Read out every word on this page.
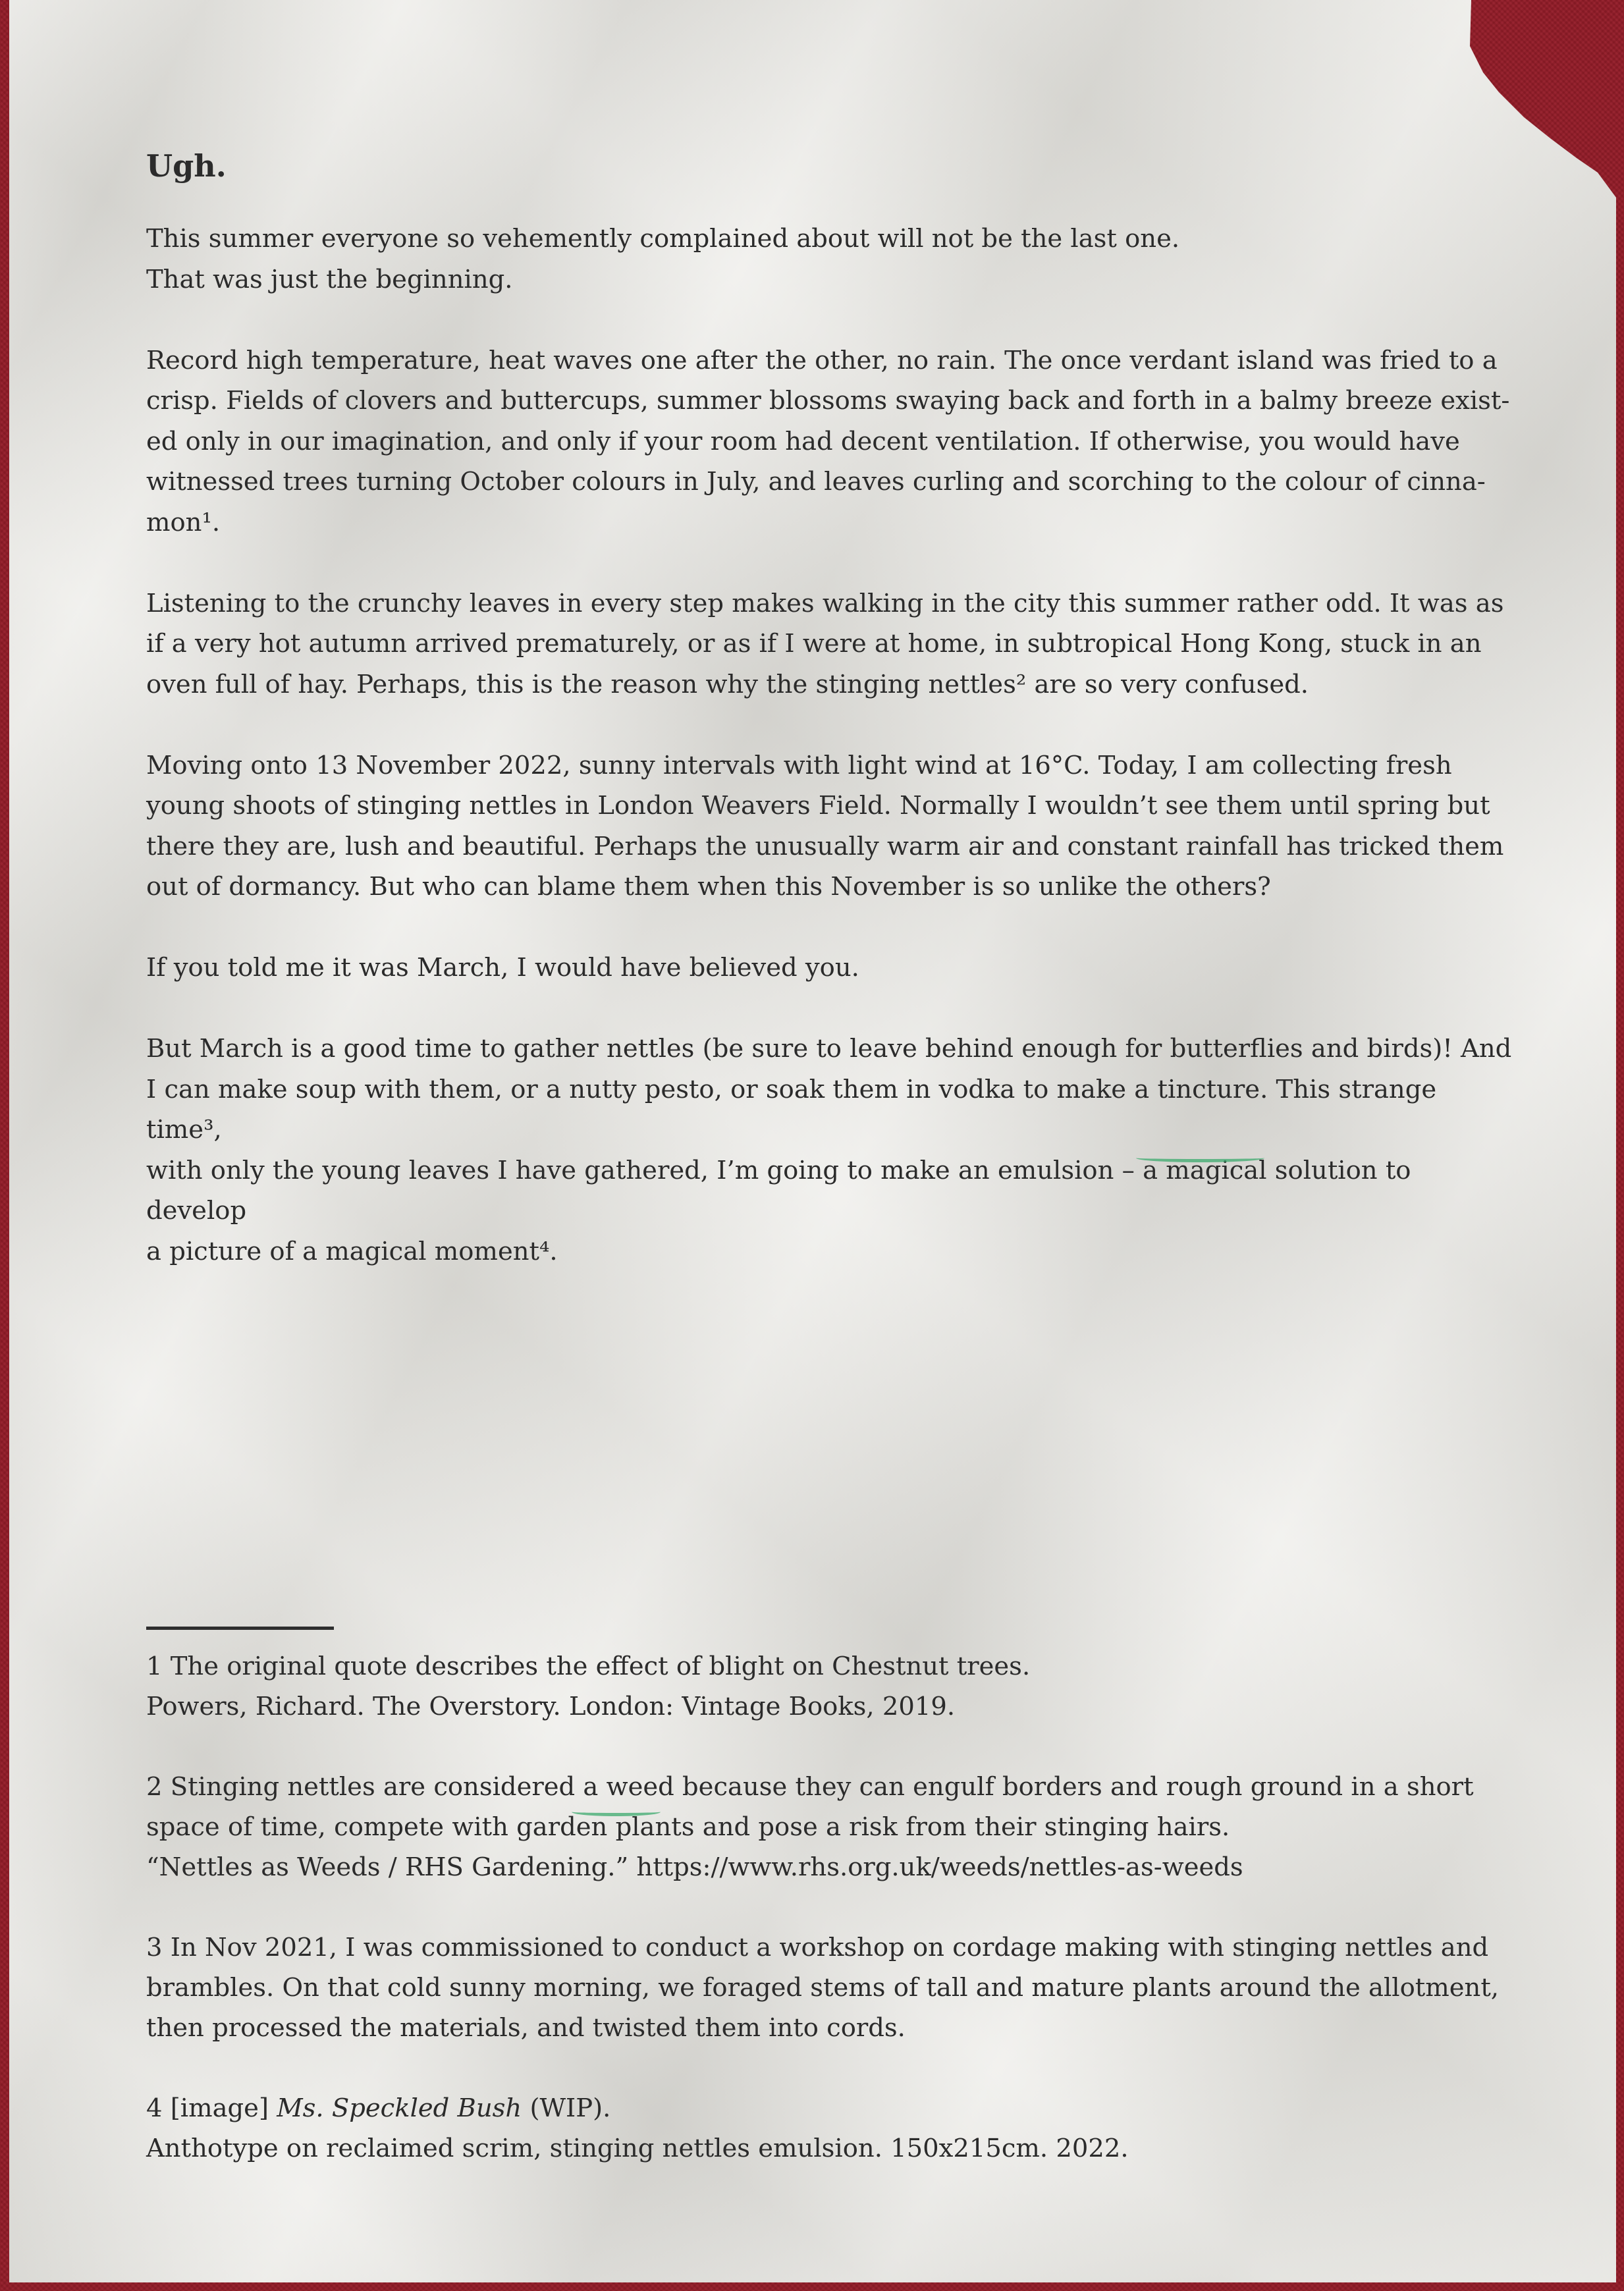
Ugh.

This summer everyone so vehemently complained about will not be the last one.
That was just the beginning.

Record high temperature, heat waves one after the other, no rain. The once verdant island was fried to a
crisp. Fields of clovers and buttercups, summer blossoms swaying back and forth in a balmy breeze exist-
ed only in our imagination, and only if your room had decent ventilation. If otherwise, you would have
witnessed trees turning October colours in July, and leaves curling and scorching to the colour of cinna-
mon¹.

Listening to the crunchy leaves in every step makes walking in the city this summer rather odd. It was as
if a very hot autumn arrived prematurely, or as if I were at home, in subtropical Hong Kong, stuck in an
oven full of hay. Perhaps, this is the reason why the stinging nettles² are so very confused.

Moving onto 13 November 2022, sunny intervals with light wind at 16°C. Today, I am collecting fresh
young shoots of stinging nettles in London Weavers Field. Normally I wouldn’t see them until spring but
there they are, lush and beautiful. Perhaps the unusually warm air and constant rainfall has tricked them
out of dormancy. But who can blame them when this November is so unlike the others?

If you told me it was March, I would have believed you.

But March is a good time to gather nettles (be sure to leave behind enough for butterflies and birds)! And
I can make soup with them, or a nutty pesto, or soak them in vodka to make a tincture. This strange time³,
with only the young leaves I have gathered, I’m going to make an emulsion – a magical solution to develop
a picture of a magical moment⁴.

1 The original quote describes the effect of blight on Chestnut trees.
Powers, Richard. The Overstory. London: Vintage Books, 2019.

2 Stinging nettles are considered a weed because they can engulf borders and rough ground in a short
space of time, compete with garden plants and pose a risk from their stinging hairs.
“Nettles as Weeds / RHS Gardening.” https://www.rhs.org.uk/weeds/nettles-as-weeds

3 In Nov 2021, I was commissioned to conduct a workshop on cordage making with stinging nettles and
brambles. On that cold sunny morning, we foraged stems of tall and mature plants around the allotment,
then processed the materials, and twisted them into cords.

4 [image] Ms. Speckled Bush (WIP).
Anthotype on reclaimed scrim, stinging nettles emulsion. 150x215cm. 2022.
